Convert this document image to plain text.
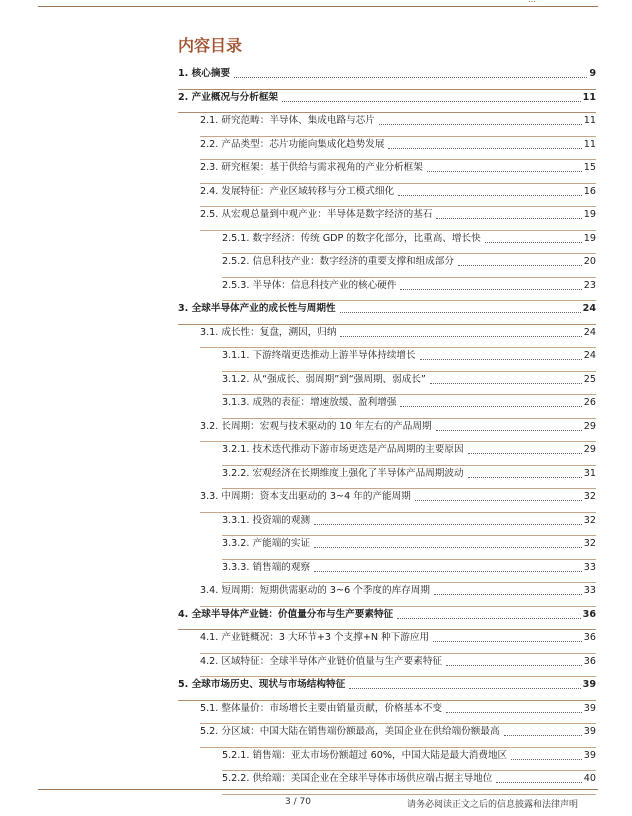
内容目录
1. 核心摘要	9
2. 产业概况与分析框架	11
2.1. 研究范畴：半导体、集成电路与芯片	11
2.2. 产品类型：芯片功能向集成化趋势发展	11
2.3. 研究框架：基于供给与需求视角的产业分析框架	15
2.4. 发展特征：产业区域转移与分工模式细化	16
2.5. 从宏观总量到中观产业：半导体是数字经济的基石	19
2.5.1. 数字经济：传统 GDP 的数字化部分，比重高、增长快	19
2.5.2. 信息科技产业：数字经济的重要支撑和组成部分	20
2.5.3. 半导体：信息科技产业的核心硬件	23
3. 全球半导体产业的成长性与周期性	24
3.1. 成长性：复盘，溯因，归纳	24
3.1.1. 下游终端更迭推动上游半导体持续增长	24
3.1.2. 从“强成长、弱周期”到“强周期、弱成长”	25
3.1.3. 成熟的表征：增速放缓、盈利增强	26
3.2. 长周期：宏观与技术驱动的 10 年左右的产品周期	29
3.2.1. 技术迭代推动下游市场更迭是产品周期的主要原因	29
3.2.2. 宏观经济在长期维度上强化了半导体产品周期波动	31
3.3. 中周期：资本支出驱动的 3~4 年的产能周期	32
3.3.1. 投资端的观测	32
3.3.2. 产能端的实证	32
3.3.3. 销售端的观察	33
3.4. 短周期：短期供需驱动的 3~6 个季度的库存周期	33
4. 全球半导体产业链：价值量分布与生产要素特征	36
4.1. 产业链概况：3 大环节+3 个支撑+N 种下游应用	36
4.2. 区域特征：全球半导体产业链价值量与生产要素特征	36
5. 全球市场历史、现状与市场结构特征	39
5.1. 整体量价：市场增长主要由销量贡献，价格基本不变	39
5.2. 分区域：中国大陆在销售端份额最高，美国企业在供给端份额最高	39
5.2.1. 销售端：亚太市场份额超过 60%，中国大陆是最大消费地区	39
5.2.2. 供给端：美国企业在全球半导体市场供应端占据主导地位	40
3 / 70	请务必阅读正文之后的信息披露和法律声明
